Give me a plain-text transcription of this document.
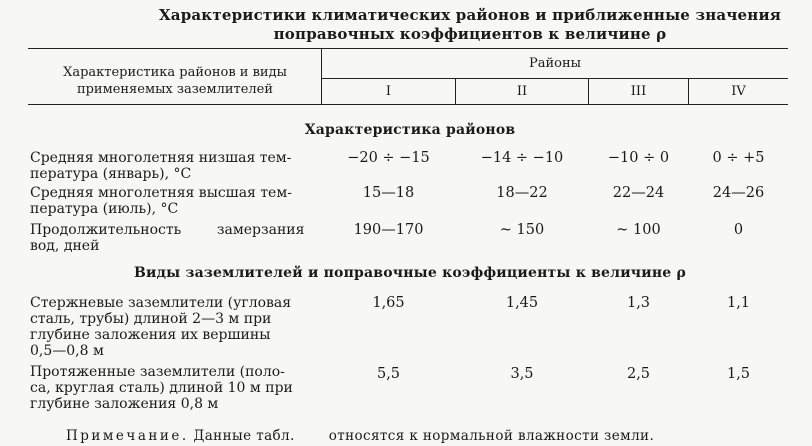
Характеристики климатических районов и приближенные значения
поправочных коэффициентов к величине ρ
Характеристика районов и виды
применяемых заземлителей
Районы
I	II	III	IV
Характеристика районов
Средняя многолетняя низшая тем-
пература (январь), °С
−20 ÷ −15	−14 ÷ −10	−10 ÷ 0	0 ÷ +5
Средняя многолетняя высшая тем-
пература (июль), °С
15—18	18—22	22—24	24—26
Продолжительность        замерзания
вод, дней
190—170	~ 150	~ 100	0
Виды заземлителей и поправочные коэффициенты к величине ρ
Стержневые заземлители (угловая
сталь, трубы) длиной 2—3 м при
глубине заложения их вершины
0,5—0,8 м
1,65	1,45	1,3	1,1
Протяженные заземлители (поло-
са, круглая сталь) длиной 10 м при
глубине заложения 0,8 м
5,5	3,5	2,5	1,5
Примечание. Данные табл.	относятся к нормальной влажности земли.
